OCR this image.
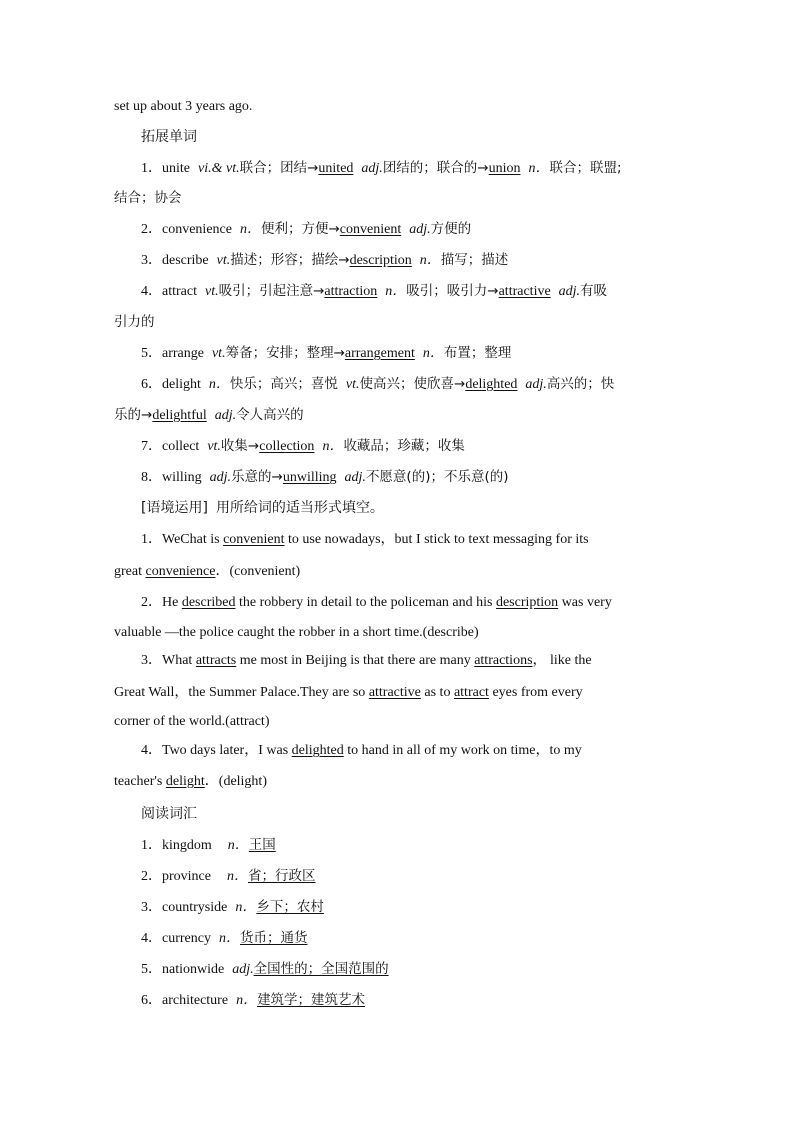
set up about 3 years ago.
拓展单词
1．unite vi.& vt.联合；团结→united adj.团结的；联合的→union n．联合；联盟;
结合；协会
2．convenience n．便利；方便→convenient adj.方便的
3．describe vt.描述；形容；描绘→description n．描写；描述
4．attract vt.吸引；引起注意→attraction n．吸引；吸引力→attractive adj.有吸
引力的
5．arrange vt.筹备；安排；整理→arrangement n．布置；整理
6．delight n．快乐；高兴；喜悦 vt.使高兴；使欣喜→delighted adj.高兴的；快
乐的→delightful adj.令人高兴的
7．collect vt.收集→collection n．收藏品；珍藏；收集
8．willing adj.乐意的→unwilling adj.不愿意(的)；不乐意(的)
[语境运用] 用所给词的适当形式填空。
1．WeChat is convenient to use nowadays，but I stick to text messaging for its
great convenience．(convenient)
2．He described the robbery in detail to the policeman and his description was very
valuable —the police caught the robber in a short time.(describe)
3．What attracts me most in Beijing is that there are many attractions， like the
Great Wall，the Summer Palace.They are so attractive as to attract eyes from every
corner of the world.(attract)
4．Two days later，I was delighted to hand in all of my work on time，to my
teacher's delight．(delight)
阅读词汇
1．kingdom n．王国
2．province n．省；行政区
3．countryside n．乡下；农村
4．currency n．货币；通货
5．nationwide adj.全国性的；全国范围的
6．architecture n．建筑学；建筑艺术
